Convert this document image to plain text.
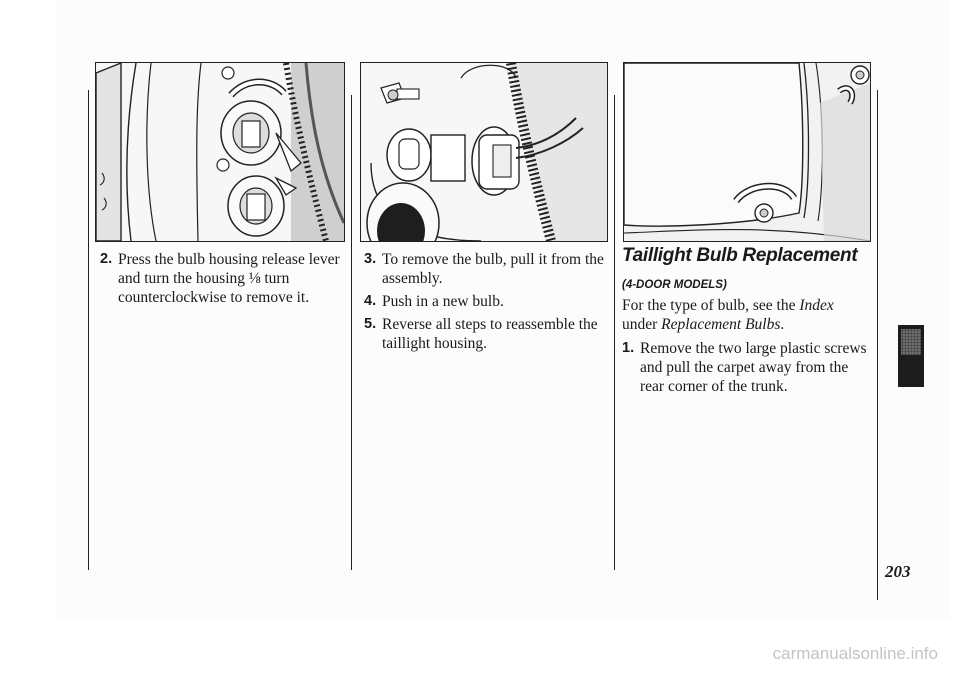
2. Press the bulb housing release lever and turn the housing ⅛ turn counterclockwise to remove it.
3. To remove the bulb, pull it from the assembly.
4. Push in a new bulb.
5. Reverse all steps to reassemble the taillight housing.
Taillight Bulb Replacement
(4-DOOR MODELS)

For the type of bulb, see the Index under Replacement Bulbs.

1. Remove the two large plastic screws and pull the carpet away from the rear corner of the trunk.
203
carmanualsonline.info
